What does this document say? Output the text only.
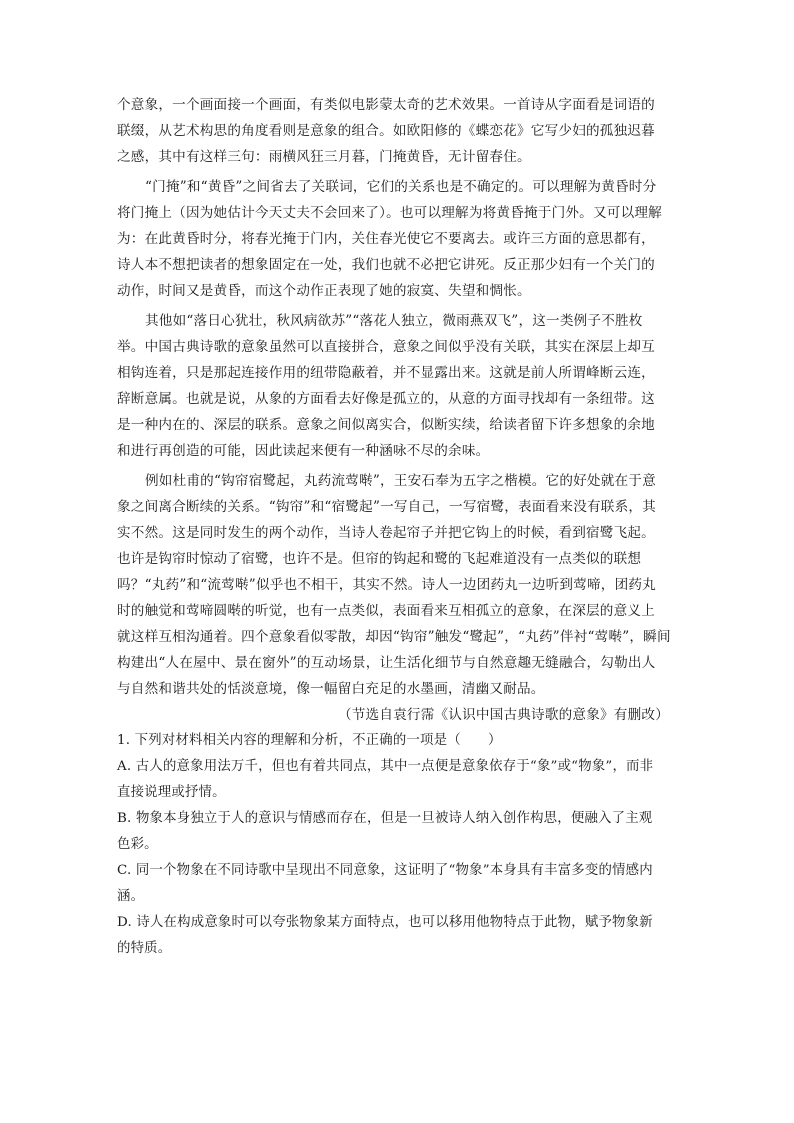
个意象，一个画面接一个画面，有类似电影蒙太奇的艺术效果。一首诗从字面看是词语的
联缀，从艺术构思的角度看则是意象的组合。如欧阳修的《蝶恋花》它写少妇的孤独迟暮
之感，其中有这样三句：雨横风狂三月暮，门掩黄昏，无计留春住。
“门掩”和“黄昏”之间省去了关联词，它们的关系也是不确定的。可以理解为黄昏时分
将门掩上（因为她估计今天丈夫不会回来了）。也可以理解为将黄昏掩于门外。又可以理解
为：在此黄昏时分，将春光掩于门内，关住春光使它不要离去。或许三方面的意思都有，
诗人本不想把读者的想象固定在一处，我们也就不必把它讲死。反正那少妇有一个关门的
动作，时间又是黄昏，而这个动作正表现了她的寂寞、失望和惆怅。
其他如“落日心犹壮，秋风病欲苏”“落花人独立，微雨燕双飞”，这一类例子不胜枚
举。中国古典诗歌的意象虽然可以直接拼合，意象之间似乎没有关联，其实在深层上却互
相钩连着，只是那起连接作用的纽带隐蔽着，并不显露出来。这就是前人所谓峰断云连，
辞断意属。也就是说，从象的方面看去好像是孤立的，从意的方面寻找却有一条纽带。这
是一种内在的、深层的联系。意象之间似离实合，似断实续，给读者留下许多想象的余地
和进行再创造的可能，因此读起来便有一种涵咏不尽的余味。
例如杜甫的“钩帘宿鹭起，丸药流莺啭”，王安石奉为五字之楷模。它的好处就在于意
象之间离合断续的关系。“钩帘”和“宿鹭起”一写自己，一写宿鹭，表面看来没有联系，其
实不然。这是同时发生的两个动作，当诗人卷起帘子并把它钩上的时候，看到宿鹭飞起。
也许是钩帘时惊动了宿鹭，也许不是。但帘的钩起和鹭的飞起难道没有一点类似的联想
吗？“丸药”和“流莺啭”似乎也不相干，其实不然。诗人一边团药丸一边听到莺啼，团药丸
时的触觉和莺啼圆啭的听觉，也有一点类似，表面看来互相孤立的意象，在深层的意义上
就这样互相沟通着。四个意象看似零散，却因“钩帘”触发“鹭起”，“丸药”伴衬“莺啭”，瞬间
构建出“人在屋中、景在窗外”的互动场景，让生活化细节与自然意趣无缝融合，勾勒出人
与自然和谐共处的恬淡意境，像一幅留白充足的水墨画，清幽又耐品。
（节选自袁行霈《认识中国古典诗歌的意象》有删改）
1. 下列对材料相关内容的理解和分析，不正确的一项是（　　）
A. 古人的意象用法万千，但也有着共同点，其中一点便是意象依存于“象”或“物象”，而非
直接说理或抒情。
B. 物象本身独立于人的意识与情感而存在，但是一旦被诗人纳入创作构思，便融入了主观
色彩。
C. 同一个物象在不同诗歌中呈现出不同意象，这证明了“物象”本身具有丰富多变的情感内
涵。
D. 诗人在构成意象时可以夸张物象某方面特点，也可以移用他物特点于此物，赋予物象新
的特质。
